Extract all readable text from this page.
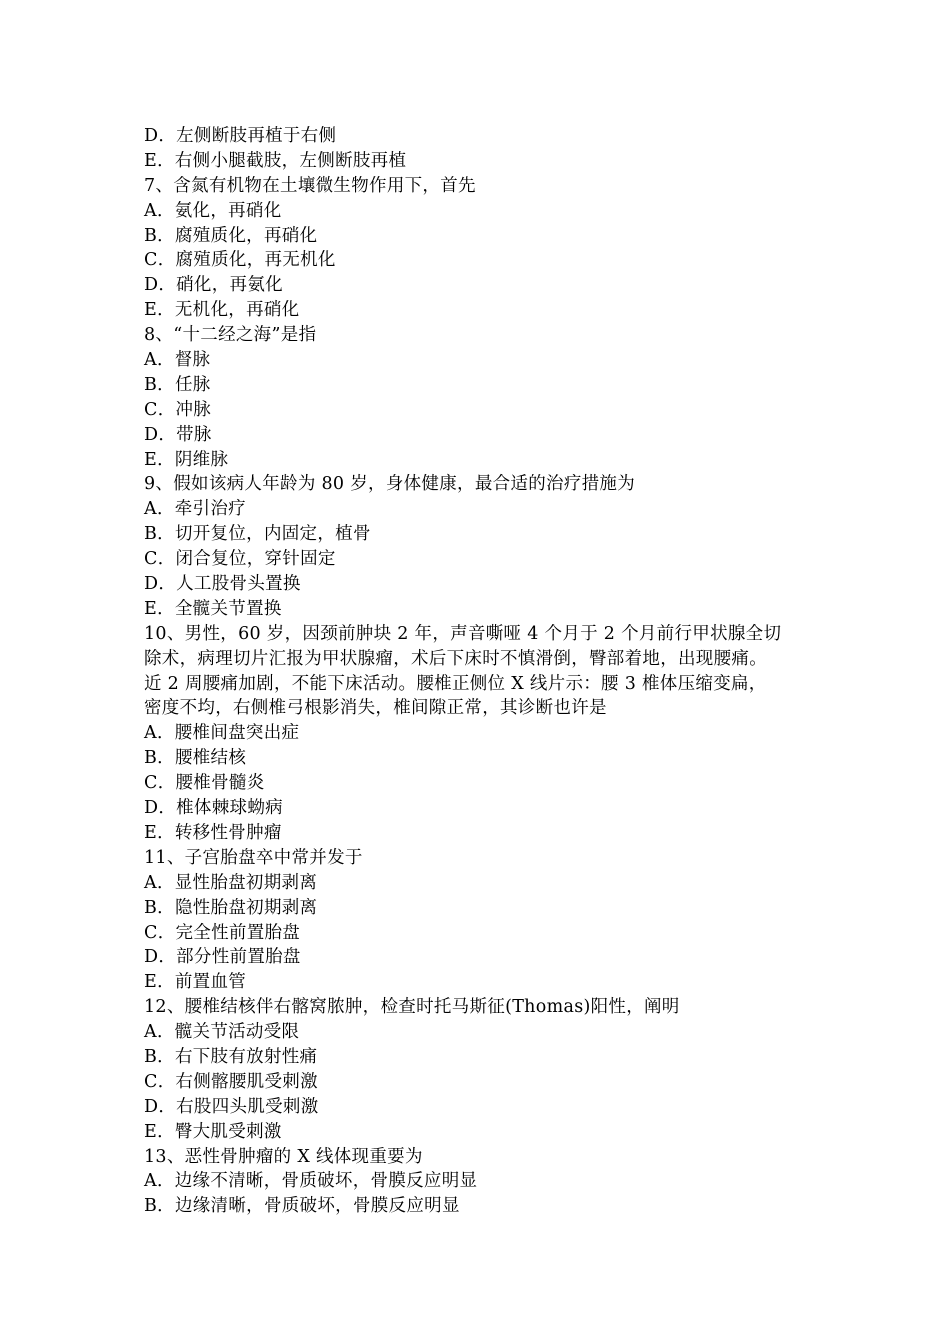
D．左侧断肢再植于右侧
E．右侧小腿截肢，左侧断肢再植
7、含氮有机物在土壤微生物作用下，首先
A．氨化，再硝化
B．腐殖质化，再硝化
C．腐殖质化，再无机化
D．硝化，再氨化
E．无机化，再硝化
8、“十二经之海”是指
A．督脉
B．任脉
C．冲脉
D．带脉
E．阴维脉
9、假如该病人年龄为 80 岁，身体健康，最合适的治疗措施为
A．牵引治疗
B．切开复位，内固定，植骨
C．闭合复位，穿针固定
D．人工股骨头置换
E．全髋关节置换
10、男性，60 岁，因颈前肿块 2 年，声音嘶哑 4 个月于 2 个月前行甲状腺全切
除术，病理切片汇报为甲状腺瘤，术后下床时不慎滑倒，臀部着地，出现腰痛。
近 2 周腰痛加剧，不能下床活动。腰椎正侧位 X 线片示：腰 3 椎体压缩变扁，
密度不均，右侧椎弓根影消失，椎间隙正常，其诊断也许是
A．腰椎间盘突出症
B．腰椎结核
C．腰椎骨髓炎
D．椎体棘球蚴病
E．转移性骨肿瘤
11、子宫胎盘卒中常并发于
A．显性胎盘初期剥离
B．隐性胎盘初期剥离
C．完全性前置胎盘
D．部分性前置胎盘
E．前置血管
12、腰椎结核伴右髂窝脓肿，检查时托马斯征(Thomas)阳性，阐明
A．髋关节活动受限
B．右下肢有放射性痛
C．右侧髂腰肌受刺激
D．右股四头肌受刺激
E．臀大肌受刺激
13、恶性骨肿瘤的 X 线体现重要为
A．边缘不清晰，骨质破坏，骨膜反应明显
B．边缘清晰，骨质破坏，骨膜反应明显
